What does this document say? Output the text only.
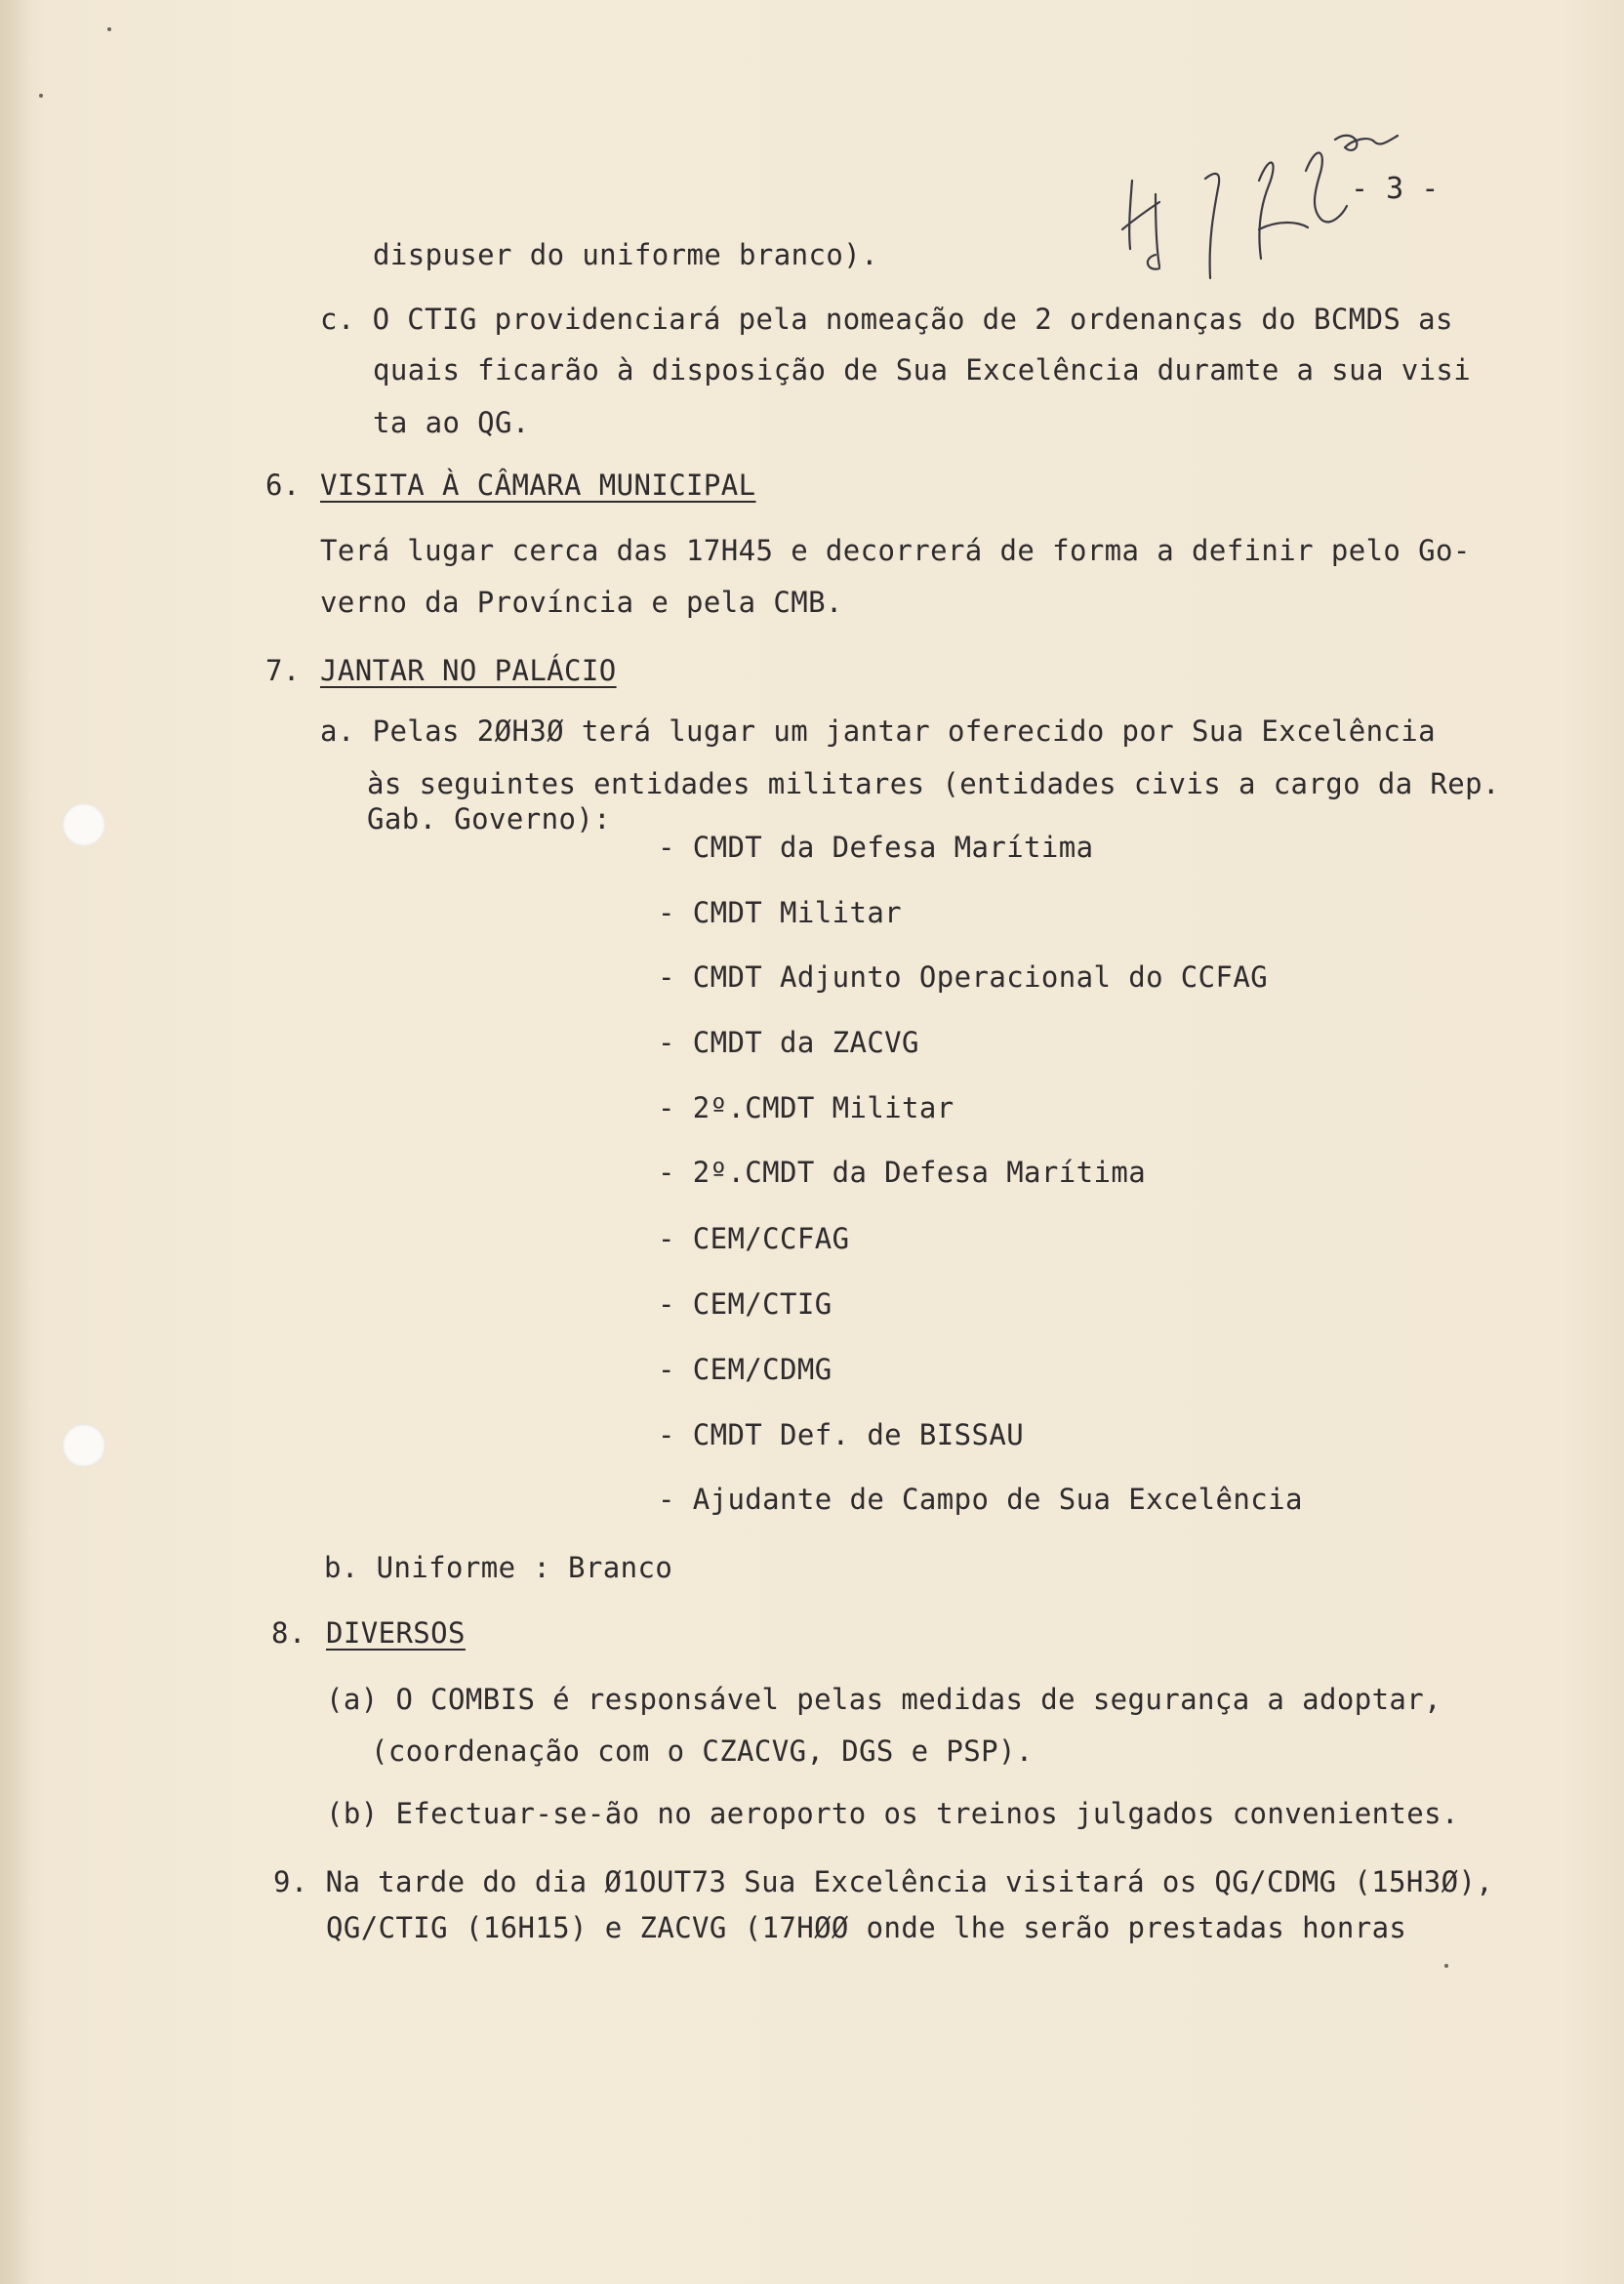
- 3 -
dispuser do uniforme branco).
c. O CTIG providenciará pela nomeação de 2 ordenanças do BCMDS as
quais ficarão à disposição de Sua Excelência duramte a sua visi
ta ao QG.
6. VISITA À CÂMARA MUNICIPAL
Terá lugar cerca das 17H45 e decorrerá de forma a definir pelo Go-
verno da Província e pela CMB.
7. JANTAR NO PALÁCIO
a. Pelas 2ØH3Ø terá lugar um jantar oferecido por Sua Excelência
às seguintes entidades militares (entidades civis a cargo da Rep.
Gab. Governo):
- CMDT da Defesa Marítima
- CMDT Militar
- CMDT Adjunto Operacional do CCFAG
- CMDT da ZACVG
- 2º.CMDT Militar
- 2º.CMDT da Defesa Marítima
- CEM/CCFAG
- CEM/CTIG
- CEM/CDMG
- CMDT Def. de BISSAU
- Ajudante de Campo de Sua Excelência
b. Uniforme : Branco
8. DIVERSOS
(a) O COMBIS é responsável pelas medidas de segurança a adoptar,
(coordenação com o CZACVG, DGS e PSP).
(b) Efectuar-se-ão no aeroporto os treinos julgados convenientes.
9. Na tarde do dia Ø1OUT73 Sua Excelência visitará os QG/CDMG (15H3Ø),
QG/CTIG (16H15) e ZACVG (17HØØ onde lhe serão prestadas honras
